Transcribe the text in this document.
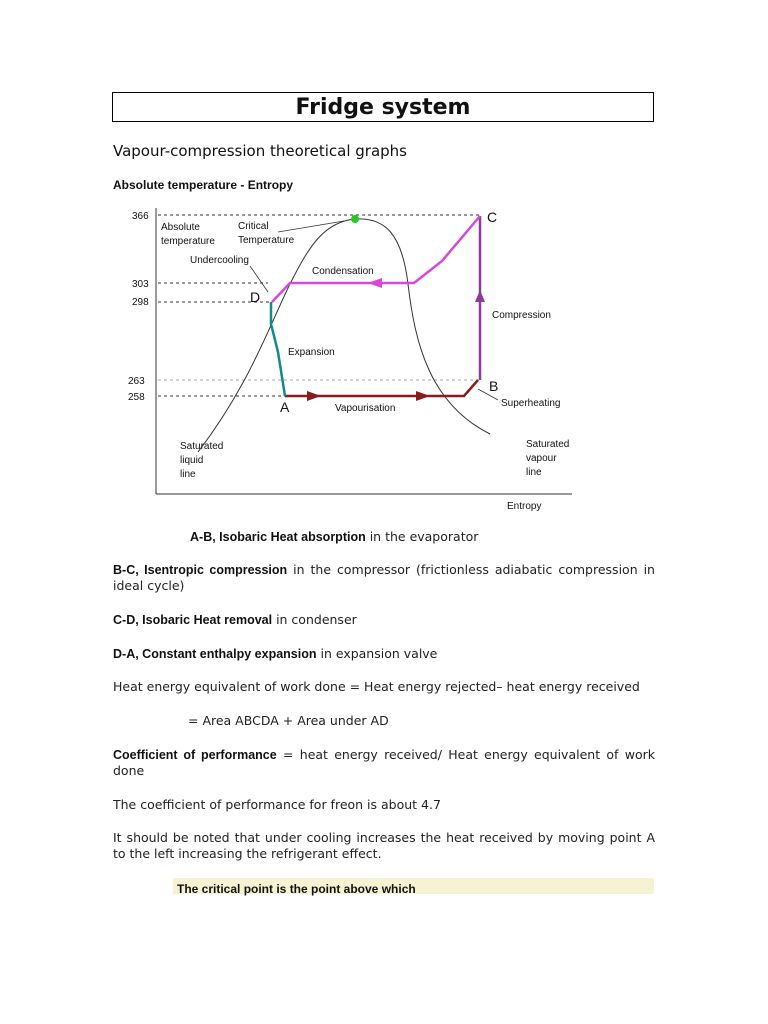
Fridge system
Vapour-compression theoretical graphs
Absolute temperature - Entropy
366
303
298
263
258
C
D
B
A
Absolute
temperature
Critical
Temperature
Undercooling
Condensation
Compression
Expansion
Vapourisation	Superheating
Saturated
liquid
line
Saturated
vapour
line
Entropy
A-B, Isobaric Heat absorption in the evaporator
B-C, Isentropic compression in the compressor (frictionless adiabatic compression in ideal cycle)
C-D, Isobaric Heat removal in condenser
D-A, Constant enthalpy expansion in expansion valve
Heat energy equivalent of work done = Heat energy rejected– heat energy received
= Area ABCDA + Area under AD
Coefficient of performance = heat energy received/ Heat energy equivalent of work done
The coefficient of performance for freon is about 4.7
It should be noted that under cooling increases the heat received by moving point A to the left increasing the refrigerant effect.
The critical point is the point above which
